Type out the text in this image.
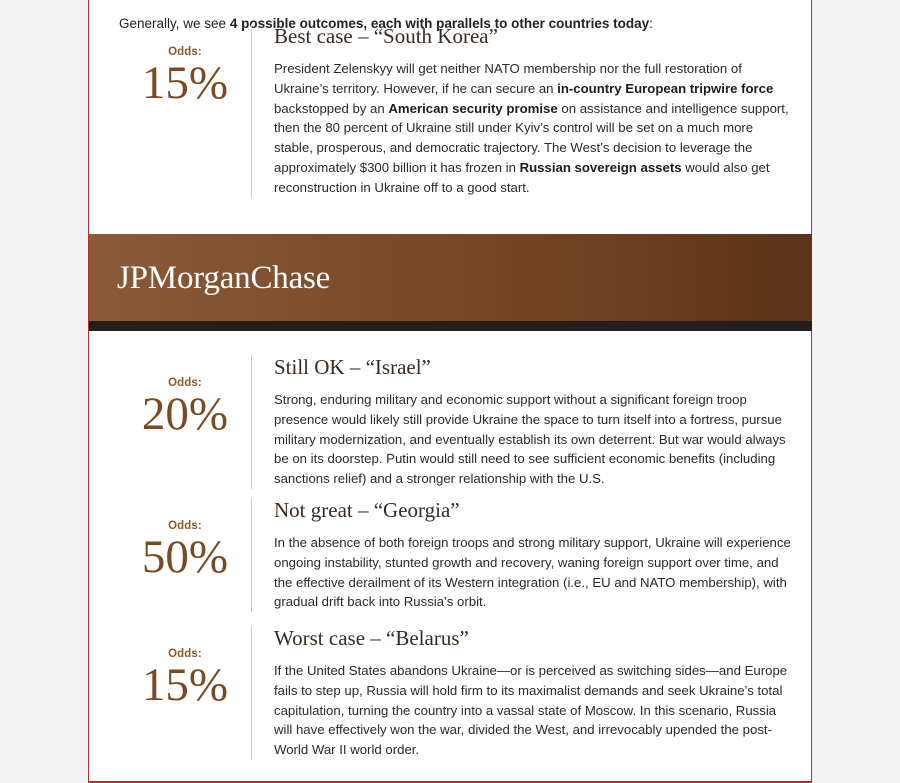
Generally, we see 4 possible outcomes, each with parallels to other countries today:

Odds:
15%
Best case – “South Korea”

President Zelenskyy will get neither NATO membership nor the full restoration of Ukraine’s territory. However, if he can secure an in-country European tripwire force backstopped by an American security promise on assistance and intelligence support, then the 80 percent of Ukraine still under Kyiv’s control will be set on a much more stable, prosperous, and democratic trajectory. The West’s decision to leverage the approximately $300 billion it has frozen in Russian sovereign assets would also get reconstruction in Ukraine off to a good start.

Odds:
20%
Still OK – “Israel”

Strong, enduring military and economic support without a significant foreign troop presence would likely still provide Ukraine the space to turn itself into a fortress, pursue military modernization, and eventually establish its own deterrent. But war would always be on its doorstep. Putin would still need to see sufficient economic benefits (including sanctions relief) and a stronger relationship with the U.S.

Odds:
50%
Not great – “Georgia”

In the absence of both foreign troops and strong military support, Ukraine will experience ongoing instability, stunted growth and recovery, waning foreign support over time, and the effective derailment of its Western integration (i.e., EU and NATO membership), with gradual drift back into Russia’s orbit.

Odds:
15%
Worst case – “Belarus”

If the United States abandons Ukraine—or is perceived as switching sides—and Europe fails to step up, Russia will hold firm to its maximalist demands and seek Ukraine’s total capitulation, turning the country into a vassal state of Moscow. In this scenario, Russia will have effectively won the war, divided the West, and irrevocably upended the post-World War II world order.

JPMorganChase
